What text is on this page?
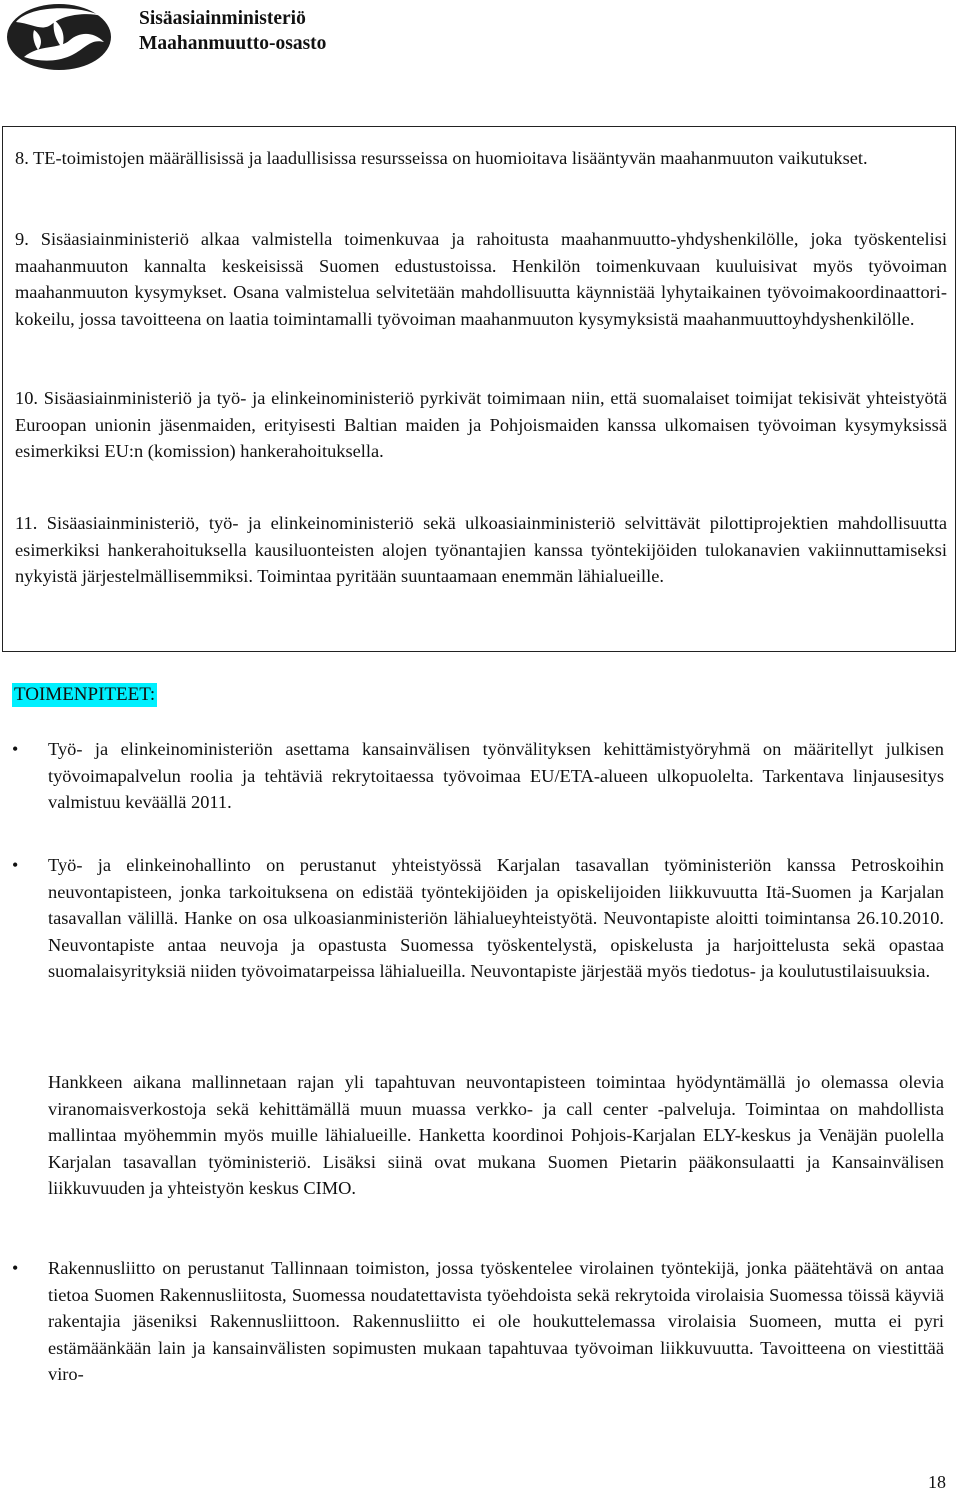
Sisäasiainministeriö
Maahanmuutto-osasto

8. TE-toimistojen määrällisissä ja laadullisissa resursseissa on huomioitava lisääntyvän maahanmuuton vaikutukset.

9. Sisäasiainministeriö alkaa valmistella toimenkuvaa ja rahoitusta maahanmuutto-yhdyshenkilölle, joka työskentelisi maahanmuuton kannalta keskeisissä Suomen edustustoissa. Henkilön toimenkuvaan kuuluisivat myös työvoiman maahanmuuton kysymykset. Osana valmistelua selvitetään mahdollisuutta käynnistää lyhytaikainen työvoimakoordinaattori-kokeilu, jossa tavoitteena on laatia toimintamalli työvoiman maahanmuuton kysymyksistä maahanmuuttoyhdyshenkilölle.

10. Sisäasiainministeriö ja työ- ja elinkeinoministeriö pyrkivät toimimaan niin, että suomalaiset toimijat tekisivät yhteistyötä Euroopan unionin jäsenmaiden, erityisesti Baltian maiden ja Pohjoismaiden kanssa ulkomaisen työvoiman kysymyksissä esimerkiksi EU:n (komission) hankerahoituksella.

11. Sisäasiainministeriö, työ- ja elinkeinoministeriö sekä ulkoasiainministeriö selvittävät pilottiprojektien mahdollisuutta esimerkiksi hankerahoituksella kausiluonteisten alojen työnantajien kanssa työntekijöiden tulokanavien vakiinnuttamiseksi nykyistä järjestelmällisemmiksi. Toimintaa pyritään suuntaamaan enemmän lähialueille.

TOIMENPITEET:
•	Työ- ja elinkeinoministeriön asettama kansainvälisen työnvälityksen kehittämistyöryhmä on määritellyt julkisen työvoimapalvelun roolia ja tehtäviä rekrytoitaessa työvoimaa EU/ETA-alueen ulkopuolelta. Tarkentava linjausesitys valmistuu keväällä 2011.

•	Työ- ja elinkeinohallinto on perustanut yhteistyössä Karjalan tasavallan työministeriön kanssa Petroskoihin neuvontapisteen, jonka tarkoituksena on edistää työntekijöiden ja opiskelijoiden liikkuvuutta Itä-Suomen ja Karjalan tasavallan välillä. Hanke on osa ulkoasianministeriön lähialueyhteistyötä. Neuvontapiste aloitti toimintansa 26.10.2010. Neuvontapiste antaa neuvoja ja opastusta Suomessa työskentelystä, opiskelusta ja harjoittelusta sekä opastaa suomalaisyrityksiä niiden työvoimatarpeissa lähialueilla. Neuvontapiste järjestää myös tiedotus- ja koulutustilaisuuksia.

Hankkeen aikana mallinnetaan rajan yli tapahtuvan neuvontapisteen toimintaa hyödyntämällä jo olemassa olevia viranomaisverkostoja sekä kehittämällä muun muassa verkko- ja call center -palveluja. Toimintaa on mahdollista mallintaa myöhemmin myös muille lähialueille. Hanketta koordinoi Pohjois-Karjalan ELY-keskus ja Venäjän puolella Karjalan tasavallan työministeriö. Lisäksi siinä ovat mukana Suomen Pietarin pääkonsulaatti ja Kansainvälisen liikkuvuuden ja yhteistyön keskus CIMO.

•	Rakennusliitto on perustanut Tallinnaan toimiston, jossa työskentelee virolainen työntekijä, jonka päätehtävä on antaa tietoa Suomen Rakennusliitosta, Suomessa noudatettavista työehdoista sekä rekrytoida virolaisia Suomessa töissä käyviä rakentajia jäseniksi Rakennusliittoon. Rakennusliitto ei ole houkuttelemassa virolaisia Suomeen, mutta ei pyri estämäänkään lain ja kansainvälisten sopimusten mukaan tapahtuvaa työvoiman liikkuvuutta. Tavoitteena on viestittää viro-

18
